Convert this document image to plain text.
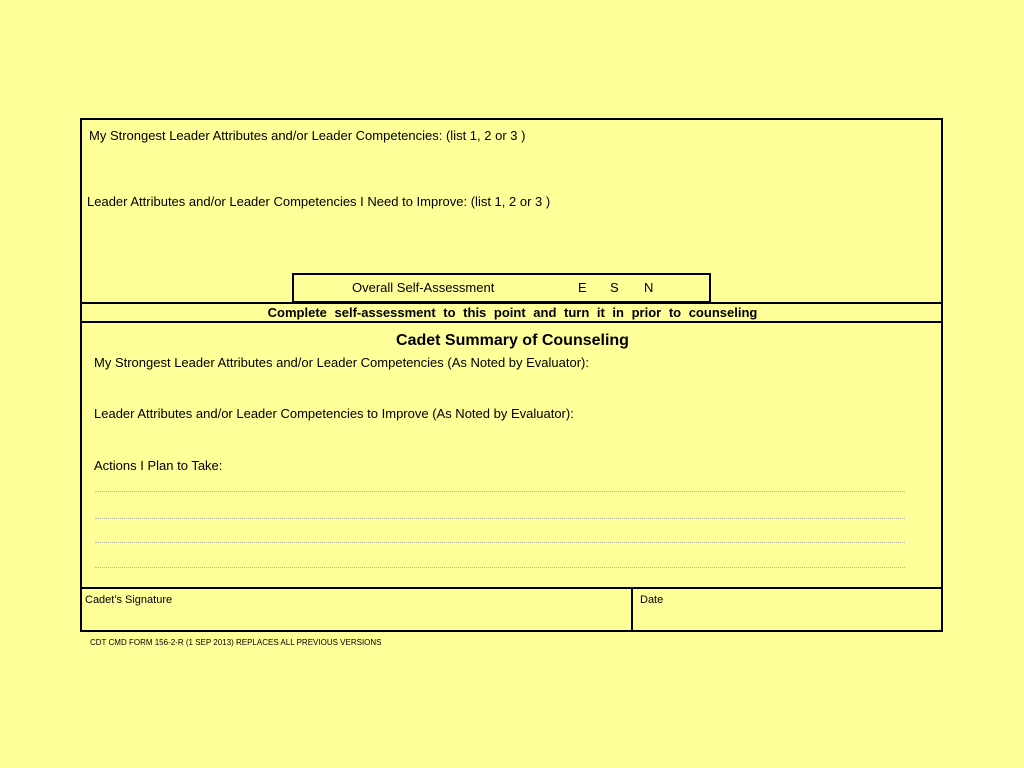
My Strongest Leader Attributes and/or Leader Competencies: (list 1, 2 or 3 )
Leader Attributes and/or Leader Competencies I Need to Improve: (list 1, 2 or 3 )
Overall Self-Assessment	E S N
Complete self-assessment to this point and turn it in prior to counseling
Cadet Summary of Counseling
My Strongest Leader Attributes and/or Leader Competencies (As Noted by Evaluator):
Leader Attributes and/or Leader Competencies to Improve (As Noted by Evaluator):
Actions I Plan to Take:
Cadet's Signature	Date
CDT CMD FORM 156-2-R (1 SEP 2013) REPLACES ALL PREVIOUS VERSIONS
